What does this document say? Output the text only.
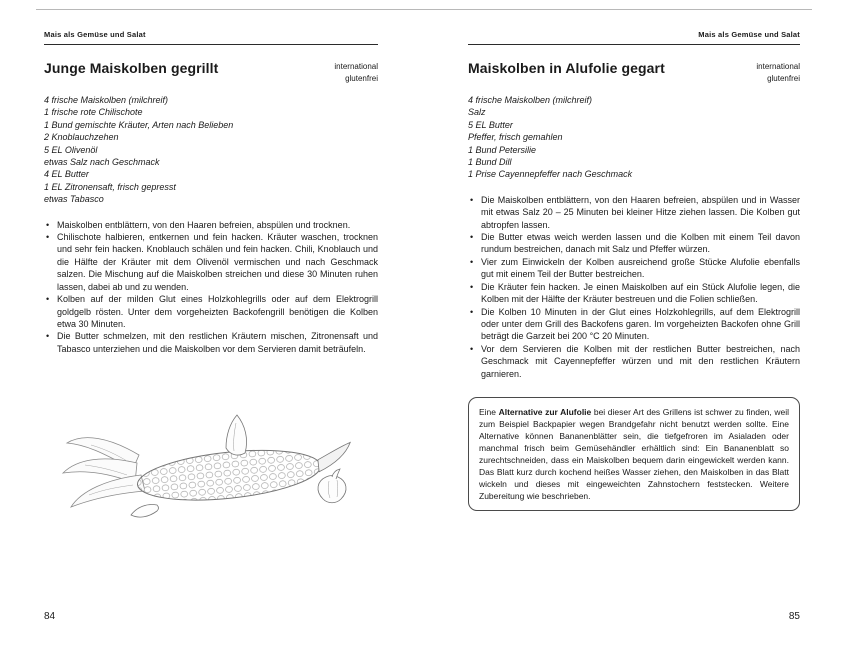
Mais als Gemüse und Salat
Junge Maiskolben gegrillt	international
glutenfrei
4 frische Maiskolben (milchreif)
1 frische rote Chilischote
1 Bund gemischte Kräuter, Arten nach Belieben
2 Knoblauchzehen
5 EL Olivenöl
etwas Salz nach Geschmack
4 EL Butter
1 EL Zitronensaft, frisch gepresst
etwas Tabasco
• Maiskolben entblättern, von den Haaren befreien, abspülen und trocknen.
• Chilischote halbieren, entkernen und fein hacken. Kräuter waschen, trocknen und sehr fein hacken. Knoblauch schälen und fein hacken. Chili, Knoblauch und die Hälfte der Kräuter mit dem Olivenöl vermischen und nach Geschmack salzen. Die Mischung auf die Maiskolben streichen und diese 30 Minuten ruhen lassen, dabei ab und zu wenden.
• Kolben auf der milden Glut eines Holzkohlegrills oder auf dem Elektrogrill goldgelb rösten. Unter dem vorgeheizten Backofengrill benötigen die Kolben etwa 30 Minuten.
• Die Butter schmelzen, mit den restlichen Kräutern mischen, Zitronensaft und Tabasco unterziehen und die Maiskolben vor dem Servieren damit beträufeln.
84
Mais als Gemüse und Salat
Maiskolben in Alufolie gegart	international
glutenfrei
4 frische Maiskolben (milchreif)
Salz
5 EL Butter
Pfeffer, frisch gemahlen
1 Bund Petersilie
1 Bund Dill
1 Prise Cayennepfeffer nach Geschmack
• Die Maiskolben entblättern, von den Haaren befreien, abspülen und in Wasser mit etwas Salz 20 – 25 Minuten bei kleiner Hitze ziehen lassen. Die Kolben gut abtropfen lassen.
• Die Butter etwas weich werden lassen und die Kolben mit einem Teil davon rundum bestreichen, danach mit Salz und Pfeffer würzen.
• Vier zum Einwickeln der Kolben ausreichend große Stücke Alufolie ebenfalls gut mit einem Teil der Butter bestreichen.
• Die Kräuter fein hacken. Je einen Maiskolben auf ein Stück Alufolie legen, die Kolben mit der Hälfte der Kräuter bestreuen und die Folien schließen.
• Die Kolben 10 Minuten in der Glut eines Holzkohlegrills, auf dem Elektrogrill oder unter dem Grill des Backofens garen. Im vorgeheizten Backofen ohne Grill beträgt die Garzeit bei 200 °C 20 Minuten.
• Vor dem Servieren die Kolben mit der restlichen Butter bestreichen, nach Geschmack mit Cayennepfeffer würzen und mit den restlichen Kräutern garnieren.

Eine Alternative zur Alufolie bei dieser Art des Grillens ist schwer zu finden, weil zum Beispiel Backpapier wegen Brandgefahr nicht benutzt werden sollte. Eine Alternative können Bananenblätter sein, die tiefgefroren im Asialaden oder manchmal frisch beim Gemüsehändler erhältlich sind: Ein Bananenblatt so zurechtschneiden, dass ein Maiskolben bequem darin eingewickelt werden kann. Das Blatt kurz durch kochend heißes Wasser ziehen, den Maiskolben in das Blatt wickeln und dieses mit eingeweichten Zahnstochern feststecken. Weitere Zubereitung wie beschrieben.

85
